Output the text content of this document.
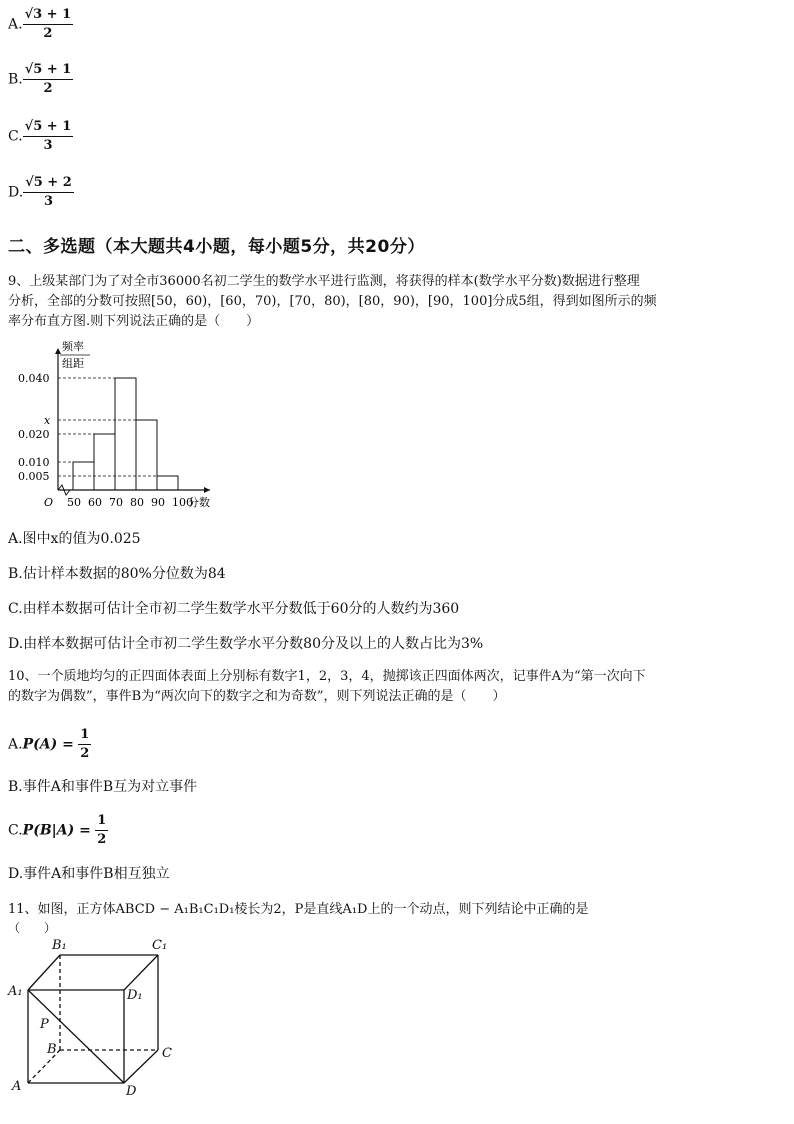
A. $\frac{√3 + 1}{2}$
B. $\frac{√5 + 1}{2}$
C. $\frac{√5 + 1}{3}$
D. $\frac{√5 + 2}{3}$
二、多选题（本大题共4小题，每小题5分，共20分）
9、上级某部门为了对全市36000名初二学生的数学水平进行监测，将获得的样本(数学水平分数)数据进行整理
分析，全部的分数可按照[50，60)，[60，70)，[70，80)，[80，90)，[90，100]分成5组，得到如图所示的频
率分布直方图.则下列说法正确的是（　　）
频率
组距
0.040
x
0.020
0.010
0.005
50 60 70 80 90 100
O	分数
A.图中x的值为0.025
B.估计样本数据的80%分位数为84
C.由样本数据可估计全市初二学生数学水平分数低于60分的人数约为360
D.由样本数据可估计全市初二学生数学水平分数80分及以上的人数占比为3%
10、一个质地均匀的正四面体表面上分别标有数字1，2，3，4，抛掷该正四面体两次，记事件A为“第一次向下
的数字为偶数”，事件B为“两次向下的数字之和为奇数”，则下列说法正确的是（　　）
$A.P(A) = \frac{1}{2}$
B.事件A和事件B互为对立事件
$C.P(B|A) = \frac{1}{2}$
D.事件A和事件B相互独立
11、如图，正方体ABCD − A₁B₁C₁D₁棱长为2，P是直线A₁D上的一个动点，则下列结论中正确的是
（　　）
B₁	C₁
A₁	D₁
P
B	C
A	D
